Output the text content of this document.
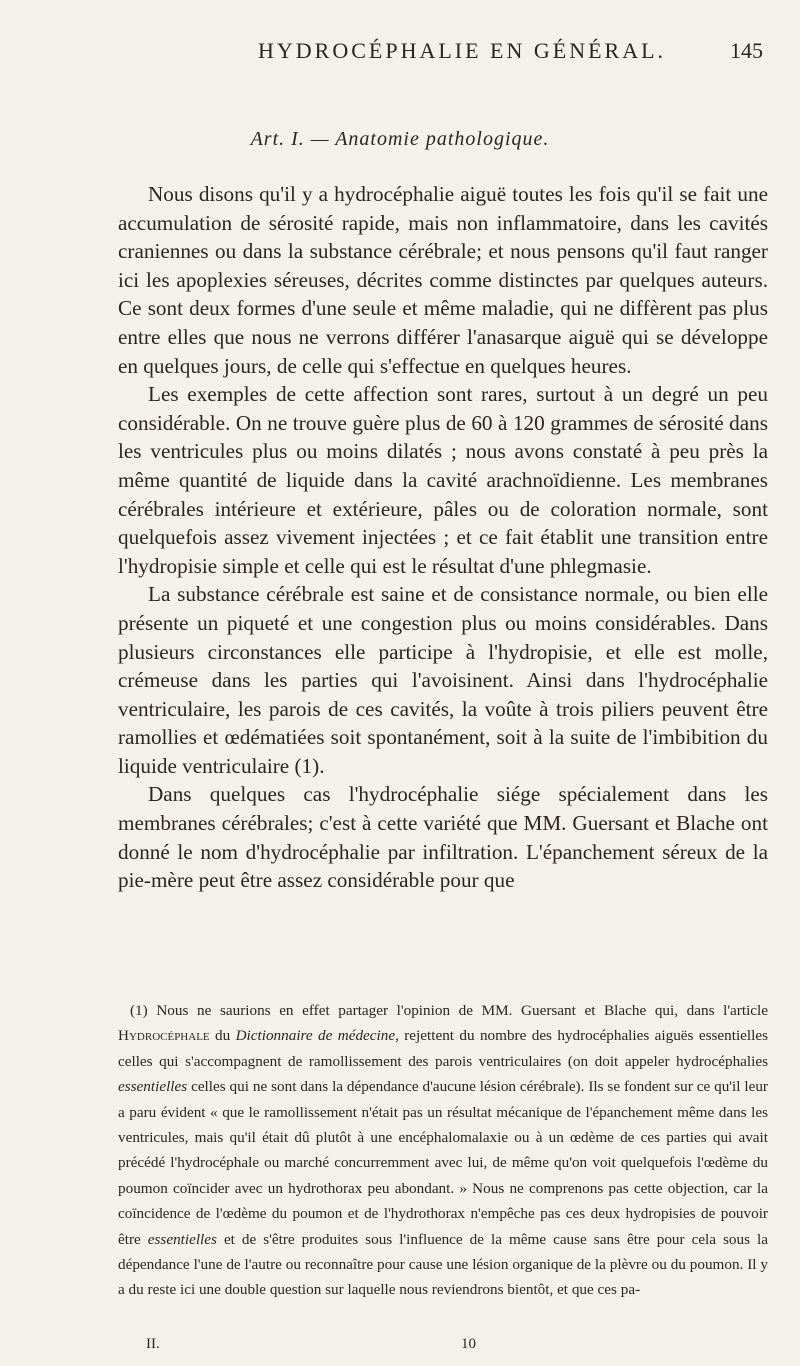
HYDROCÉPHALIE EN GÉNÉRAL.	145
Art. I. — Anatomie pathologique.

Nous disons qu'il y a hydrocéphalie aiguë toutes les fois qu'il se fait une accumulation de sérosité rapide, mais non inflammatoire, dans les cavités craniennes ou dans la substance cérébrale; et nous pensons qu'il faut ranger ici les apoplexies séreuses, décrites comme distinctes par quelques auteurs. Ce sont deux formes d'une seule et même maladie, qui ne diffèrent pas plus entre elles que nous ne verrons différer l'anasarque aiguë qui se développe en quelques jours, de celle qui s'effectue en quelques heures.

Les exemples de cette affection sont rares, surtout à un degré un peu considérable. On ne trouve guère plus de 60 à 120 grammes de sérosité dans les ventricules plus ou moins dilatés ; nous avons constaté à peu près la même quantité de liquide dans la cavité arachnoïdienne. Les membranes cérébrales intérieure et extérieure, pâles ou de coloration normale, sont quelquefois assez vivement injectées ; et ce fait établit une transition entre l'hydropisie simple et celle qui est le résultat d'une phlegmasie.

La substance cérébrale est saine et de consistance normale, ou bien elle présente un piqueté et une congestion plus ou moins considérables. Dans plusieurs circonstances elle participe à l'hydropisie, et elle est molle, crémeuse dans les parties qui l'avoisinent. Ainsi dans l'hydrocéphalie ventriculaire, les parois de ces cavités, la voûte à trois piliers peuvent être ramollies et œdématiées soit spontanément, soit à la suite de l'imbibition du liquide ventriculaire (1).

Dans quelques cas l'hydrocéphalie siége spécialement dans les membranes cérébrales; c'est à cette variété que MM. Guersant et Blache ont donné le nom d'hydrocéphalie par infiltration. L'épanchement séreux de la pie-mère peut être assez considérable pour que

(1) Nous ne saurions en effet partager l'opinion de MM. Guersant et Blache qui, dans l'article Hydrocéphale du Dictionnaire de médecine, rejettent du nombre des hydrocéphalies aiguës essentielles celles qui s'accompagnent de ramollissement des parois ventriculaires (on doit appeler hydrocéphalies essentielles celles qui ne sont dans la dépendance d'aucune lésion cérébrale). Ils se fondent sur ce qu'il leur a paru évident « que le ramollissement n'était pas un résultat mécanique de l'épanchement même dans les ventricules, mais qu'il était dû plutôt à une encéphalomalaxie ou à un œdème de ces parties qui avait précédé l'hydrocéphale ou marché concurremment avec lui, de même qu'on voit quelquefois l'œdème du poumon coïncider avec un hydrothorax peu abondant. » Nous ne comprenons pas cette objection, car la coïncidence de l'œdème du poumon et de l'hydrothorax n'empêche pas ces deux hydropisies de pouvoir être essentielles et de s'être produites sous l'influence de la même cause sans être pour cela sous la dépendance l'une de l'autre ou reconnaître pour cause une lésion organique de la plèvre ou du poumon. Il y a du reste ici une double question sur laquelle nous reviendrons bientôt, et que ces pa-

II.	10
